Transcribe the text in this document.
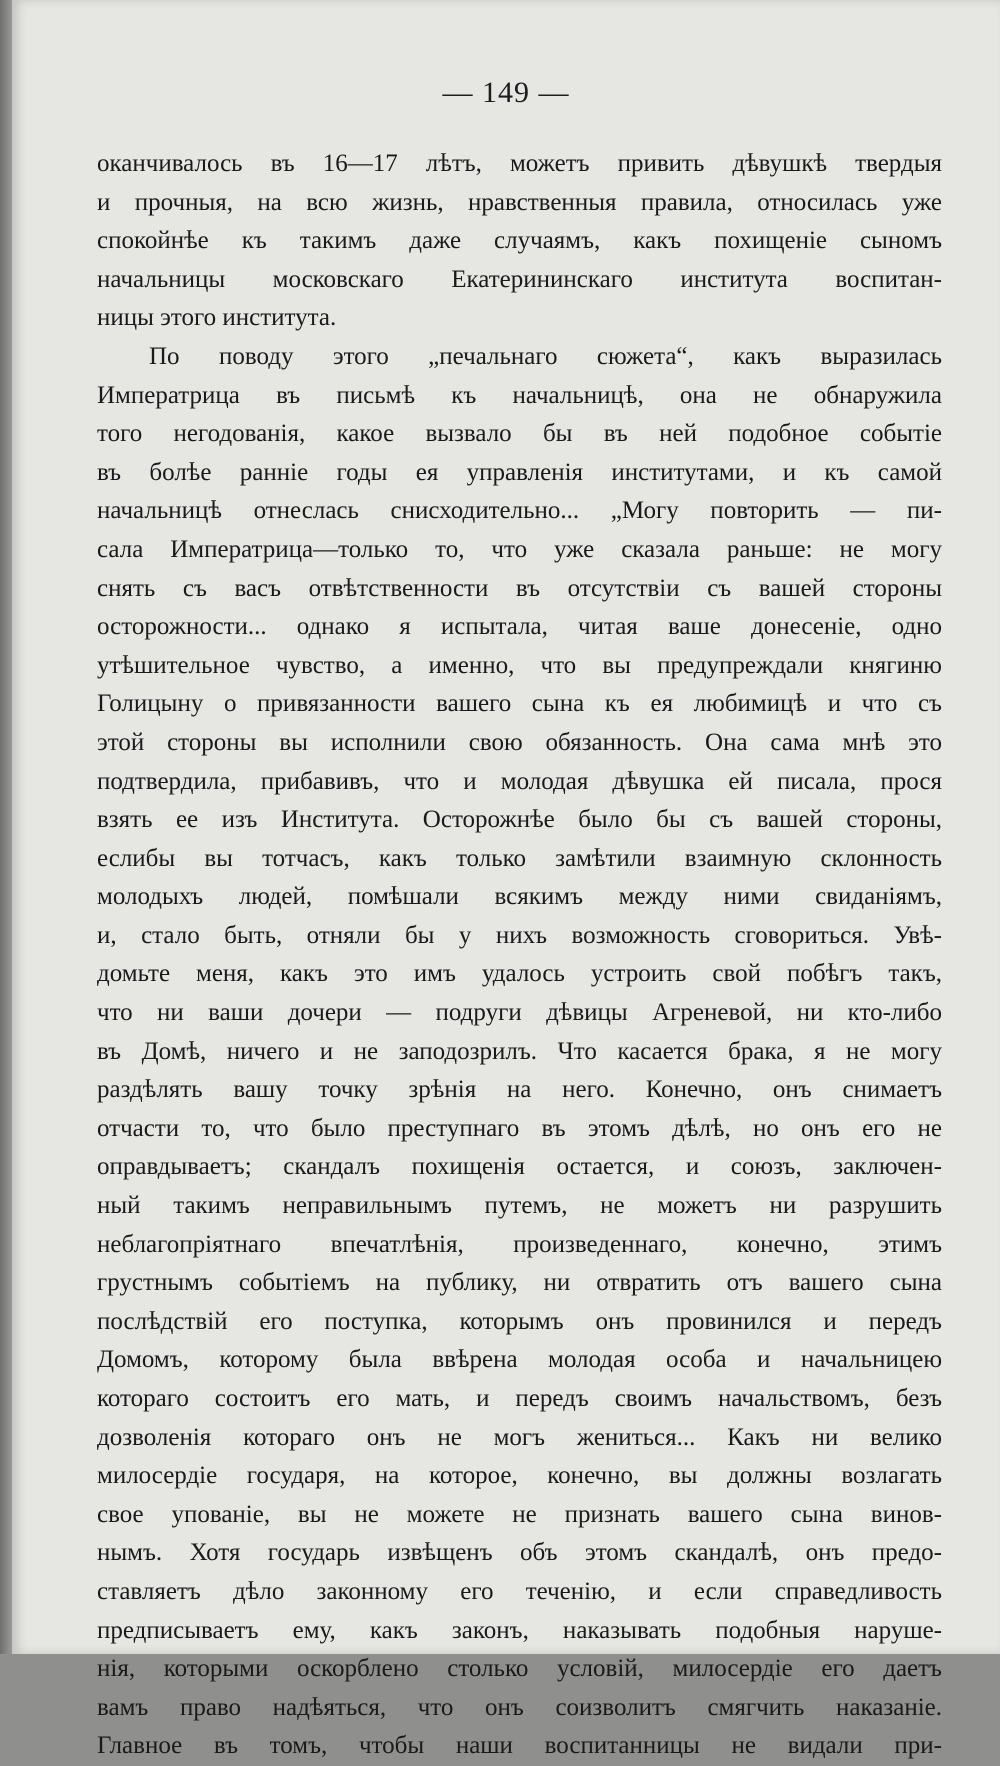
— 149 —
оканчивалось въ 16—17 лѣтъ, можетъ привить дѣвушкѣ твердыя
и прочныя, на всю жизнь, нравственныя правила, относилась уже
спокойнѣе къ такимъ даже случаямъ, какъ похищеніе сыномъ
начальницы московскаго Екатерининскаго института воспитан-
ницы этого института.
По поводу этого „печальнаго сюжета“, какъ выразилась
Императрица въ письмѣ къ начальницѣ, она не обнаружила
того негодованія, какое вызвало бы въ ней подобное событіе
въ болѣе ранніе годы ея управленія институтами, и къ самой
начальницѣ отнеслась снисходительно... „Могу повторить — пи-
сала Императрица—только то, что уже сказала раньше: не могу
снять съ васъ отвѣтственности въ отсутствіи съ вашей стороны
осторожности... однако я испытала, читая ваше донесеніе, одно
утѣшительное чувство, а именно, что вы предупреждали княгиню
Голицыну о привязанности вашего сына къ ея любимицѣ и что съ
этой стороны вы исполнили свою обязанность. Она сама мнѣ это
подтвердила, прибавивъ, что и молодая дѣвушка ей писала, прося
взять ее изъ Института. Осторожнѣе было бы съ вашей стороны,
еслибы вы тотчасъ, какъ только замѣтили взаимную склонность
молодыхъ людей, помѣшали всякимъ между ними свиданіямъ,
и, стало быть, отняли бы у нихъ возможность сговориться. Увѣ-
домьте меня, какъ это имъ удалось устроить свой побѣгъ такъ,
что ни ваши дочери — подруги дѣвицы Агреневой, ни кто-либо
въ Домѣ, ничего и не заподозрилъ. Что касается брака, я не могу
раздѣлять вашу точку зрѣнія на него. Конечно, онъ снимаетъ
отчасти то, что было преступнаго въ этомъ дѣлѣ, но онъ его не
оправдываетъ; скандалъ похищенія остается, и союзъ, заключен-
ный такимъ неправильнымъ путемъ, не можетъ ни разрушить
неблагопріятнаго впечатлѣнія, произведеннаго, конечно, этимъ
грустнымъ событіемъ на публику, ни отвратить отъ вашего сына
послѣдствій его поступка, которымъ онъ провинился и передъ
Домомъ, которому была ввѣрена молодая особа и начальницею
котораго состоитъ его мать, и передъ своимъ начальствомъ, безъ
дозволенія котораго онъ не могъ жениться... Какъ ни велико
милосердіе государя, на которое, конечно, вы должны возлагать
свое упованіе, вы не можете не признать вашего сына винов-
нымъ. Хотя государь извѣщенъ объ этомъ скандалѣ, онъ предо-
ставляетъ дѣло законному его теченію, и если справедливость
предписываетъ ему, какъ законъ, наказывать подобныя наруше-
нія, которыми оскорблено столько условій, милосердіе его даетъ
вамъ право надѣяться, что онъ соизволитъ смягчить наказаніе.
Главное въ томъ, чтобы наши воспитанницы не видали при-
